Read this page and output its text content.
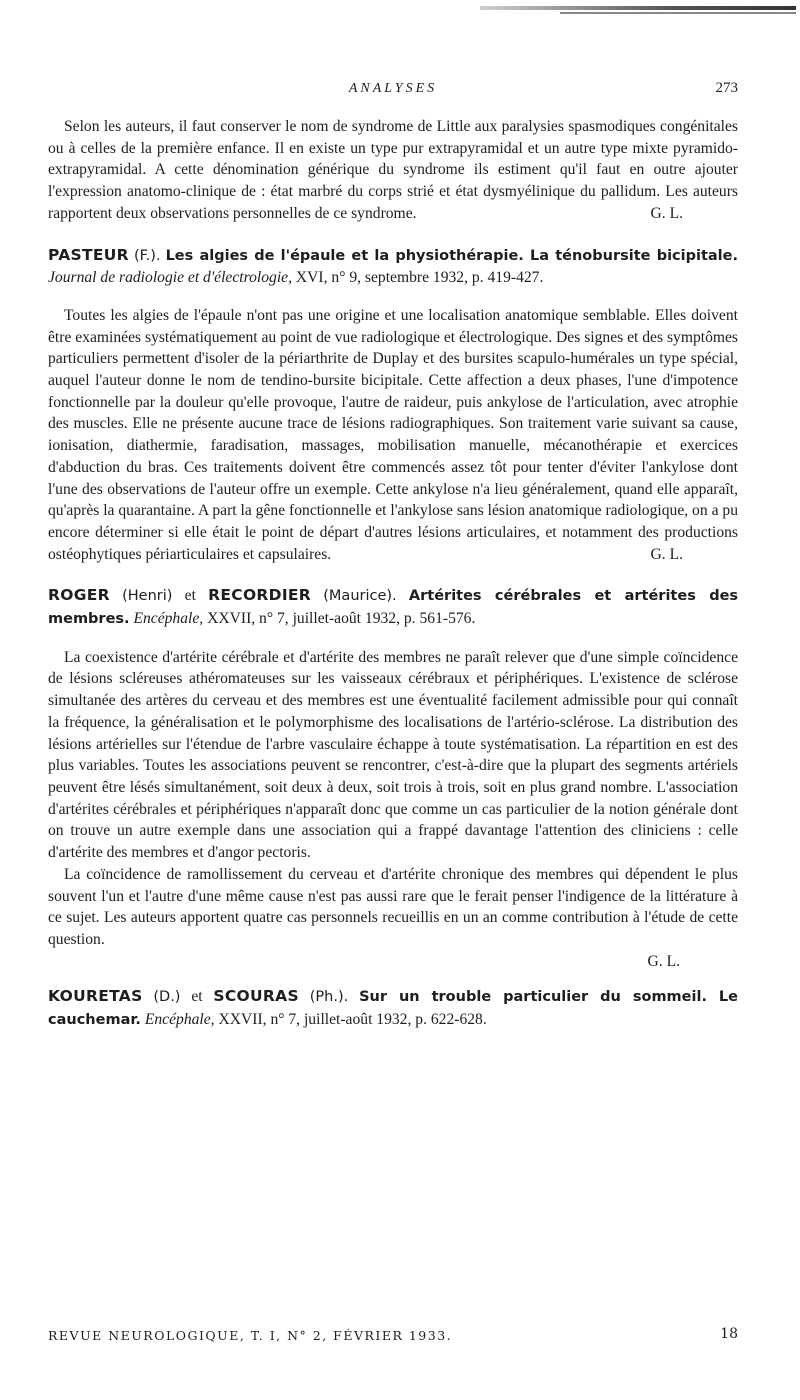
ANALYSES	273

Selon les auteurs, il faut conserver le nom de syndrome de Little aux paralysies spasmodiques congénitales ou à celles de la première enfance. Il en existe un type pur extrapyramidal et un autre type mixte pyramido-extrapyramidal. A cette dénomination générique du syndrome ils estiment qu'il faut en outre ajouter l'expression anatomo-clinique de : état marbré du corps strié et état dysmyélinique du pallidum. Les auteurs rapportent deux observations personnelles de ce syndrome.	G. L.

PASTEUR (F.). Les algies de l'épaule et la physiothérapie. La ténobursite bicipitale. Journal de radiologie et d'électrologie, XVI, n° 9, septembre 1932, p. 419-427.

Toutes les algies de l'épaule n'ont pas une origine et une localisation anatomique semblable. Elles doivent être examinées systématiquement au point de vue radiologique et électrologique. Des signes et des symptômes particuliers permettent d'isoler de la périarthrite de Duplay et des bursites scapulo-humérales un type spécial, auquel l'auteur donne le nom de tendino-bursite bicipitale. Cette affection a deux phases, l'une d'impotence fonctionnelle par la douleur qu'elle provoque, l'autre de raideur, puis ankylose de l'articulation, avec atrophie des muscles. Elle ne présente aucune trace de lésions radiographiques. Son traitement varie suivant sa cause, ionisation, diathermie, faradisation, massages, mobilisation manuelle, mécanothérapie et exercices d'abduction du bras. Ces traitements doivent être commencés assez tôt pour tenter d'éviter l'ankylose dont l'une des observations de l'auteur offre un exemple. Cette ankylose n'a lieu généralement, quand elle apparaît, qu'après la quarantaine. A part la gêne fonctionnelle et l'ankylose sans lésion anatomique radiologique, on a pu encore déterminer si elle était le point de départ d'autres lésions articulaires, et notamment des productions ostéophytiques périarticulaires et capsulaires.	G. L.

ROGER (Henri) et RECORDIER (Maurice). Artérites cérébrales et artérites des membres. Encéphale, XXVII, n° 7, juillet-août 1932, p. 561-576.

La coexistence d'artérite cérébrale et d'artérite des membres ne paraît relever que d'une simple coïncidence de lésions scléreuses athéromateuses sur les vaisseaux cérébraux et périphériques. L'existence de sclérose simultanée des artères du cerveau et des membres est une éventualité facilement admissible pour qui connaît la fréquence, la généralisation et le polymorphisme des localisations de l'artério-sclérose. La distribution des lésions artérielles sur l'étendue de l'arbre vasculaire échappe à toute systématisation. La répartition en est des plus variables. Toutes les associations peuvent se rencontrer, c'est-à-dire que la plupart des segments artériels peuvent être lésés simultanément, soit deux à deux, soit trois à trois, soit en plus grand nombre. L'association d'artérites cérébrales et périphériques n'apparaît donc que comme un cas particulier de la notion générale dont on trouve un autre exemple dans une association qui a frappé davantage l'attention des cliniciens : celle d'artérite des membres et d'angor pectoris.

La coïncidence de ramollissement du cerveau et d'artérite chronique des membres qui dépendent le plus souvent l'un et l'autre d'une même cause n'est pas aussi rare que le ferait penser l'indigence de la littérature à ce sujet. Les auteurs apportent quatre cas personnels recueillis en un an comme contribution à l'étude de cette question.

G. L.
KOURETAS (D.) et SCOURAS (Ph.). Sur un trouble particulier du sommeil. Le cauchemar. Encéphale, XXVII, n° 7, juillet-août 1932, p. 622-628.
REVUE NEUROLOGIQUE, T. I, N° 2, FÉVRIER 1933.	18
